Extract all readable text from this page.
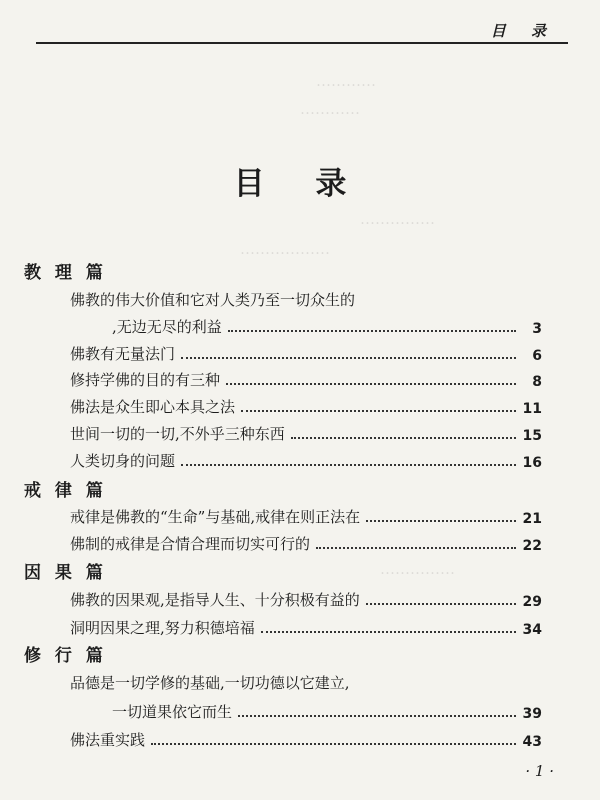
…………ㅤㅤㅤㅤ
…………
……………
………………
……………
目 录
目 录
教 理 篇
佛教的伟大价值和它对人类乃至一切众生的
,无边无尽的利益	3
佛教有无量法门	6
修持学佛的目的有三种	8
佛法是众生即心本具之法	11
世间一切的一切,不外乎三种东西	15
人类切身的问题	16
戒 律 篇
戒律是佛教的“生命”与基础,戒律在则正法在	21
佛制的戒律是合情合理而切实可行的	22
因 果 篇
佛教的因果观,是指导人生、十分积极有益的	29
洞明因果之理,努力积德培福	34
修 行 篇
品德是一切学修的基础,一切功德以它建立,
一切道果依它而生	39
佛法重实践	43
· 1 ·
